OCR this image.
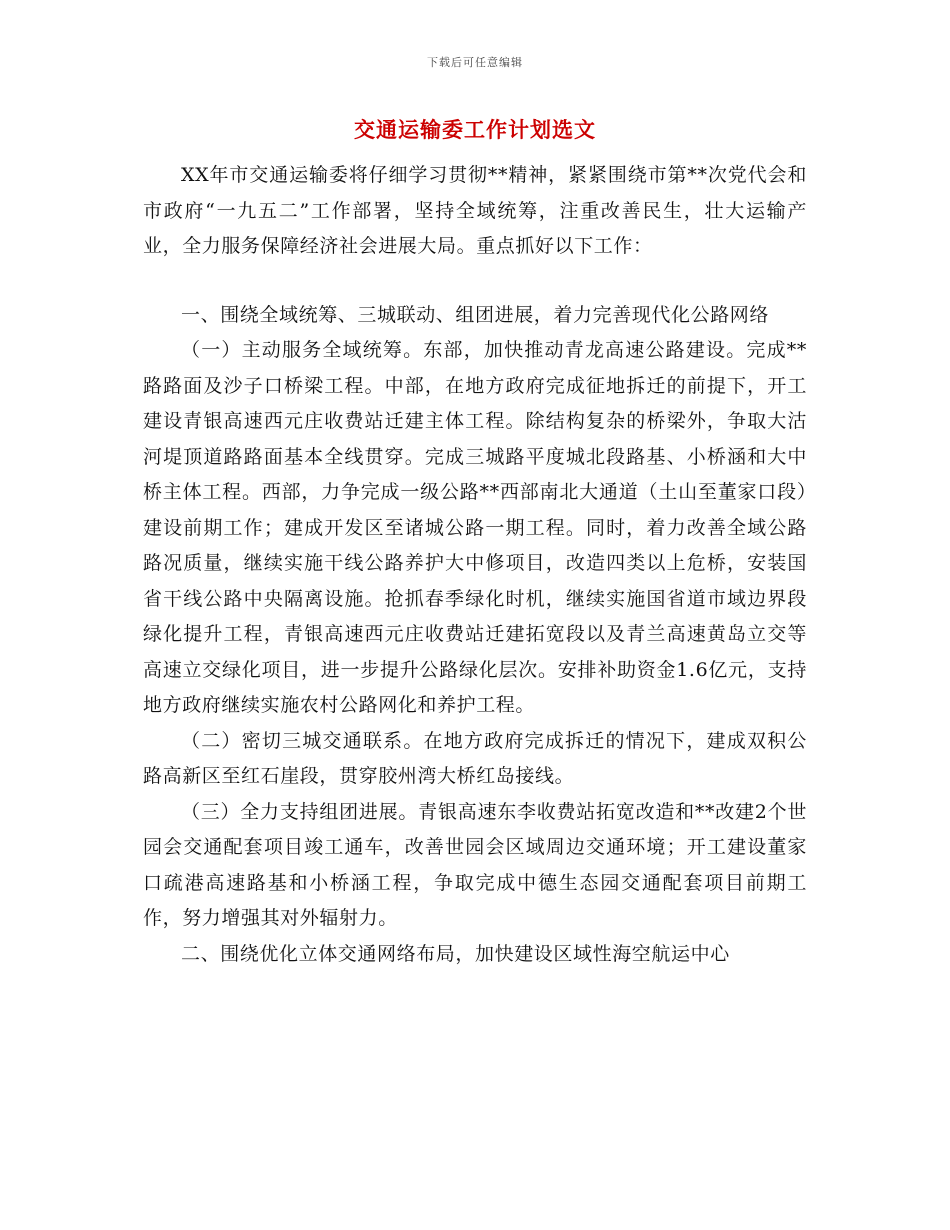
下载后可任意编辑
交通运输委工作计划选文

XX年市交通运输委将仔细学习贯彻**精神，紧紧围绕市第**次党代会和市政府“一九五二”工作部署，坚持全域统筹，注重改善民生，壮大运输产业，全力服务保障经济社会进展大局。重点抓好以下工作：

一、围绕全域统筹、三城联动、组团进展，着力完善现代化公路网络

（一）主动服务全域统筹。东部，加快推动青龙高速公路建设。完成**路路面及沙子口桥梁工程。中部，在地方政府完成征地拆迁的前提下，开工建设青银高速西元庄收费站迁建主体工程。除结构复杂的桥梁外，争取大沽河堤顶道路路面基本全线贯穿。完成三城路平度城北段路基、小桥涵和大中桥主体工程。西部，力争完成一级公路**西部南北大通道（土山至董家口段）建设前期工作；建成开发区至诸城公路一期工程。同时，着力改善全域公路路况质量，继续实施干线公路养护大中修项目，改造四类以上危桥，安装国省干线公路中央隔离设施。抢抓春季绿化时机，继续实施国省道市域边界段绿化提升工程，青银高速西元庄收费站迁建拓宽段以及青兰高速黄岛立交等高速立交绿化项目，进一步提升公路绿化层次。安排补助资金1.6亿元，支持地方政府继续实施农村公路网化和养护工程。

（二）密切三城交通联系。在地方政府完成拆迁的情况下，建成双积公路高新区至红石崖段，贯穿胶州湾大桥红岛接线。

（三）全力支持组团进展。青银高速东李收费站拓宽改造和**改建2个世园会交通配套项目竣工通车，改善世园会区域周边交通环境；开工建设董家口疏港高速路基和小桥涵工程，争取完成中德生态园交通配套项目前期工作，努力增强其对外辐射力。

二、围绕优化立体交通网络布局，加快建设区域性海空航运中心
